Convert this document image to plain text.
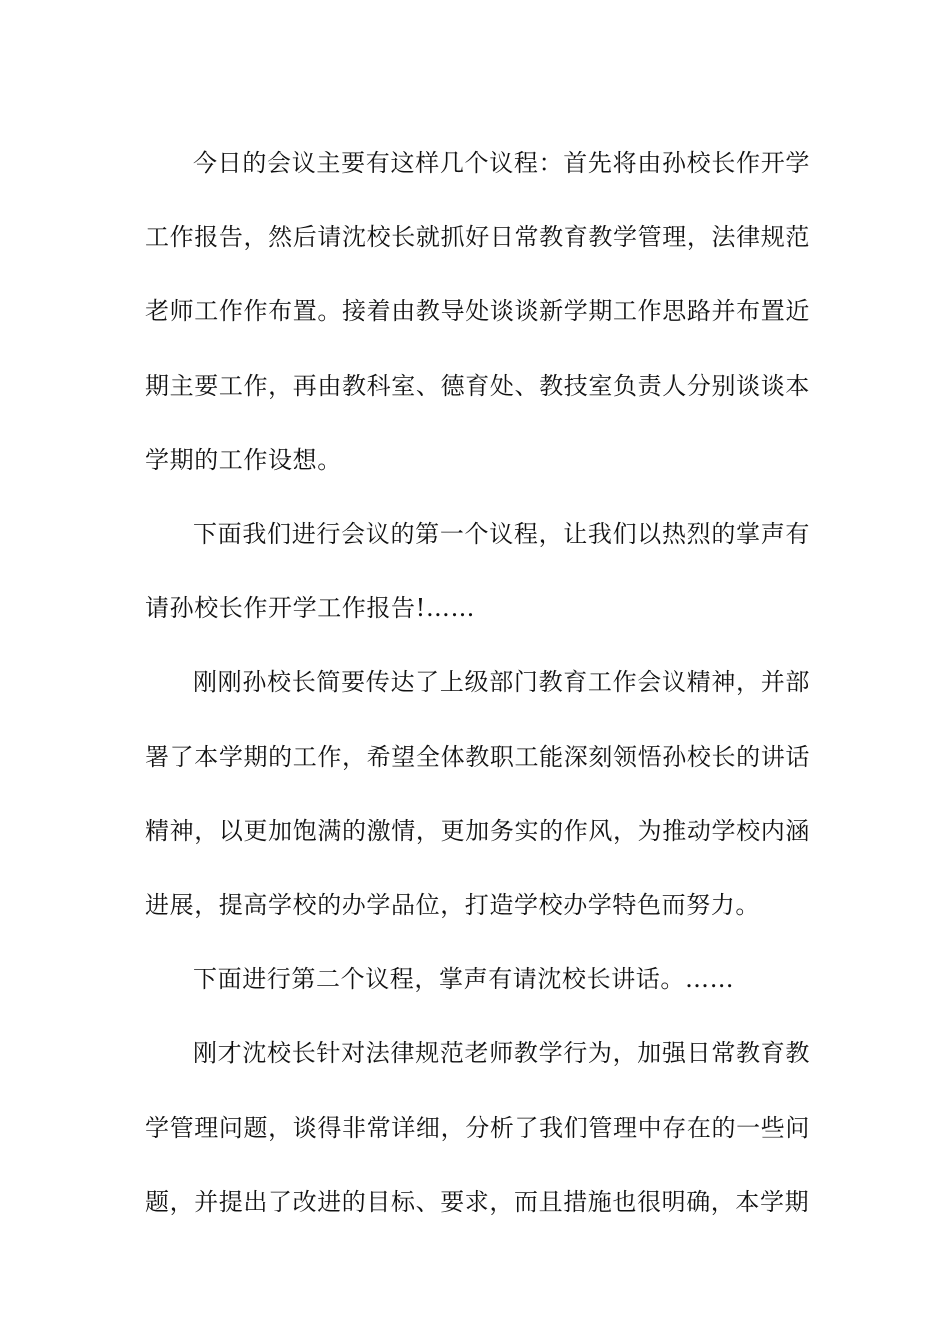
今日的会议主要有这样几个议程：首先将由孙校长作开学工作报告，然后请沈校长就抓好日常教育教学管理，法律规范老师工作作布置。接着由教导处谈谈新学期工作思路并布置近期主要工作，再由教科室、德育处、教技室负责人分别谈谈本学期的工作设想。

下面我们进行会议的第一个议程，让我们以热烈的掌声有请孙校长作开学工作报告!……

刚刚孙校长简要传达了上级部门教育工作会议精神，并部署了本学期的工作，希望全体教职工能深刻领悟孙校长的讲话精神，以更加饱满的激情，更加务实的作风，为推动学校内涵进展，提高学校的办学品位，打造学校办学特色而努力。

下面进行第二个议程，掌声有请沈校长讲话。……

刚才沈校长针对法律规范老师教学行为，加强日常教育教学管理问题，谈得非常详细，分析了我们管理中存在的一些问题，并提出了改进的目标、要求，而且措施也很明确，本学期
